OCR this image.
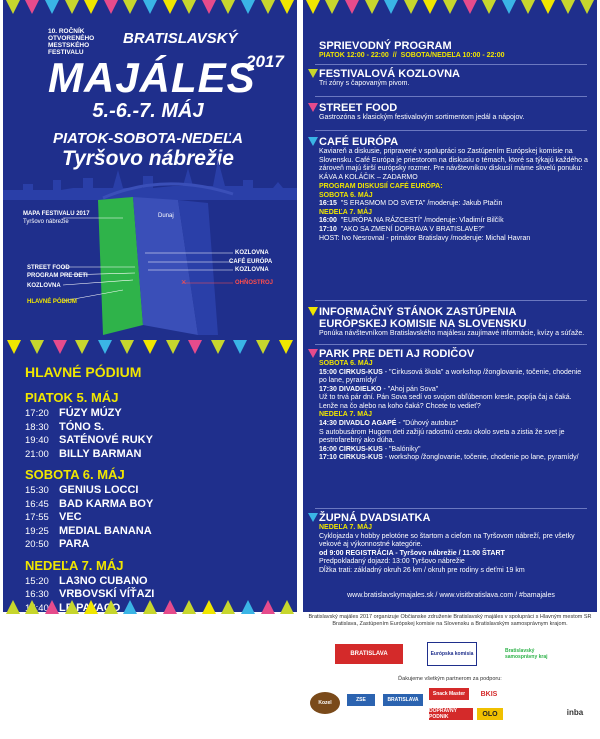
10. ROČNÍK OTVORENÉHO MESTSKÉHO FESTIVALU
BRATISLAVSKÝ
MAJÁLES
2017
5.-6.-7. MÁJ
PIATOK-SOBOTA-NEDEĽA
Tyršovo nábrežie
×
MAPA FESTIVALU 2017
Tyršovo nábrežie
Dunaj
STREET FOOD
PROGRAM PRE DETI
KOZLOVNA
HLAVNÉ PÓDIUM
KOZLOVNA
CAFÉ EURÓPA
KOZLOVNA
OHŇOSTROJ
HLAVNÉ PÓDIUM
PIATOK 5. MÁJ
17:20 FÚZY MÚZY
18:30 TÓNO S.
19:40 SATÉNOVÉ RUKY
21:00 BILLY BARMAN
SOBOTA 6. MÁJ
15:30 GENIUS LOCCI
16:45 BAD KARMA BOY
17:55 VEC
19:25 MEDIAL BANANA
20:50 PARA
NEDEĽA 7. MÁJ
15:20 LA3NO CUBANO
16:30 VRBOVSKÍ VÍŤAZI
17:40 LE PAYACO
19:10 VIDIEK
20:40 HEX
21:00 OHŇOSTROJ NA DUNAJI
Tradičné vyvrcholenie Bratislavského majálesu. Jedinečný ohňostroj s hudobnou kulisou odpaľovaný priamo z hladiny Dunaja. Ohňostroj bude možné sledovať z oboch brehov.
SPRIEVODNÝ PROGRAM
PIATOK 12:00 - 22:00 // SOBOTA/NEDEĽA 10:00 - 22:00
FESTIVALOVÁ KOZLOVNA
Tri zóny s čapovaným pivom.
STREET FOOD
Gastrozóna s klasickým festivalovým sortimentom jedál a nápojov.
CAFÉ EURÓPA
Kaviareň a diskusie, pripravené v spolupráci so Zastúpením Európskej komisie na Slovensku. Café Európa je priestorom na diskusiu o témach, ktoré sa týkajú každého a zároveň majú širší európsky rozmer. Pre návštevníkov diskusií máme skvelú ponuku: KÁVA A KOLÁČIK – ZADARMO
PROGRAM DISKUSIÍ CAFÉ EURÓPA:
SOBOTA 6. MÁJ
16:15 "S ERASMOM DO SVETA" /moderuje: Jakub Ptačin
NEDEĽA 7. MÁJ
16:00 "EURÓPA NA RÁZCESTÍ" /moderuje: Vladimír Bilčík
17:10 "AKO SA ZMENÍ DOPRAVA V BRATISLAVE?"
HOST: Ivo Nesrovnal - primátor Bratislavy /moderuje: Michal Havran
INFORMAČNÝ STÁNOK ZASTÚPENIA
EURÓPSKEJ KOMISIE NA SLOVENSKU
Ponúka návštevníkom Bratislavského majálesu zaujímavé informácie, kvízy a súťaže.
PARK PRE DETI AJ RODIČOV
SOBOTA 6. MÁJ
15:00 CIRKUS-KUS - "Cirkusová škola" a workshop /žonglovanie, točenie, chodenie po lane, pyramídy/
17:30 DIVADIELKO - "Ahoj pán Sova"
Už to trvá pár dní. Pán Sova sedí vo svojom obľúbenom kresle, popíja čaj a čaká. Lenže na čo alebo na koho čaká? Chcete to vedieť?
NEDEĽA 7. MÁJ
14:30 DIVADLO AGAPÉ - "Dúhový autobus"
S autobusárom Hugom deti zažijú radostnú cestu okolo sveta a zistia že svet je pestrofarebný ako dúha.
16:00 CIRKUS-KUS - "Balóniky"
17:10 CIRKUS-KUS - workshop /žonglovanie, točenie, chodenie po lane, pyramídy/
ŽUPNÁ DVADSIATKA
NEDEĽA 7. MÁJ
Cyklojazda v hobby pelotóne so štartom a cieľom na Tyršovom nábreží, pre všetky vekové aj výkonnostné kategórie.
od 9:00 REGISTRÁCIA - Tyršovo nábrežie / 11:00 ŠTART
Predpokladaný dojazd: 13:00 Tyršovo nábrežie
Dĺžka trati: základný okruh 26 km / okruh pre rodiny s deťmi 19 km
www.bratislavskymajales.sk / www.visitbratislava.com / #bamajales
Bratislavský majáles 2017 organizuje Občianske združenie Bratislavský majáles v spolupráci s Hlavným mestom SR Bratislava, Zastúpením Európskej komisie na Slovensku a Bratislavským samosprávnym krajom.
BRATISLAVA	Európska komisia	Bratislavský samosprávny kraj
Ďakujeme všetkým partnerom za podporu:
Kozel	ZSE	BRATISLAVA
Snack Master	BKIS
DOPRAVNÝ PODNIK	OLO	inba
